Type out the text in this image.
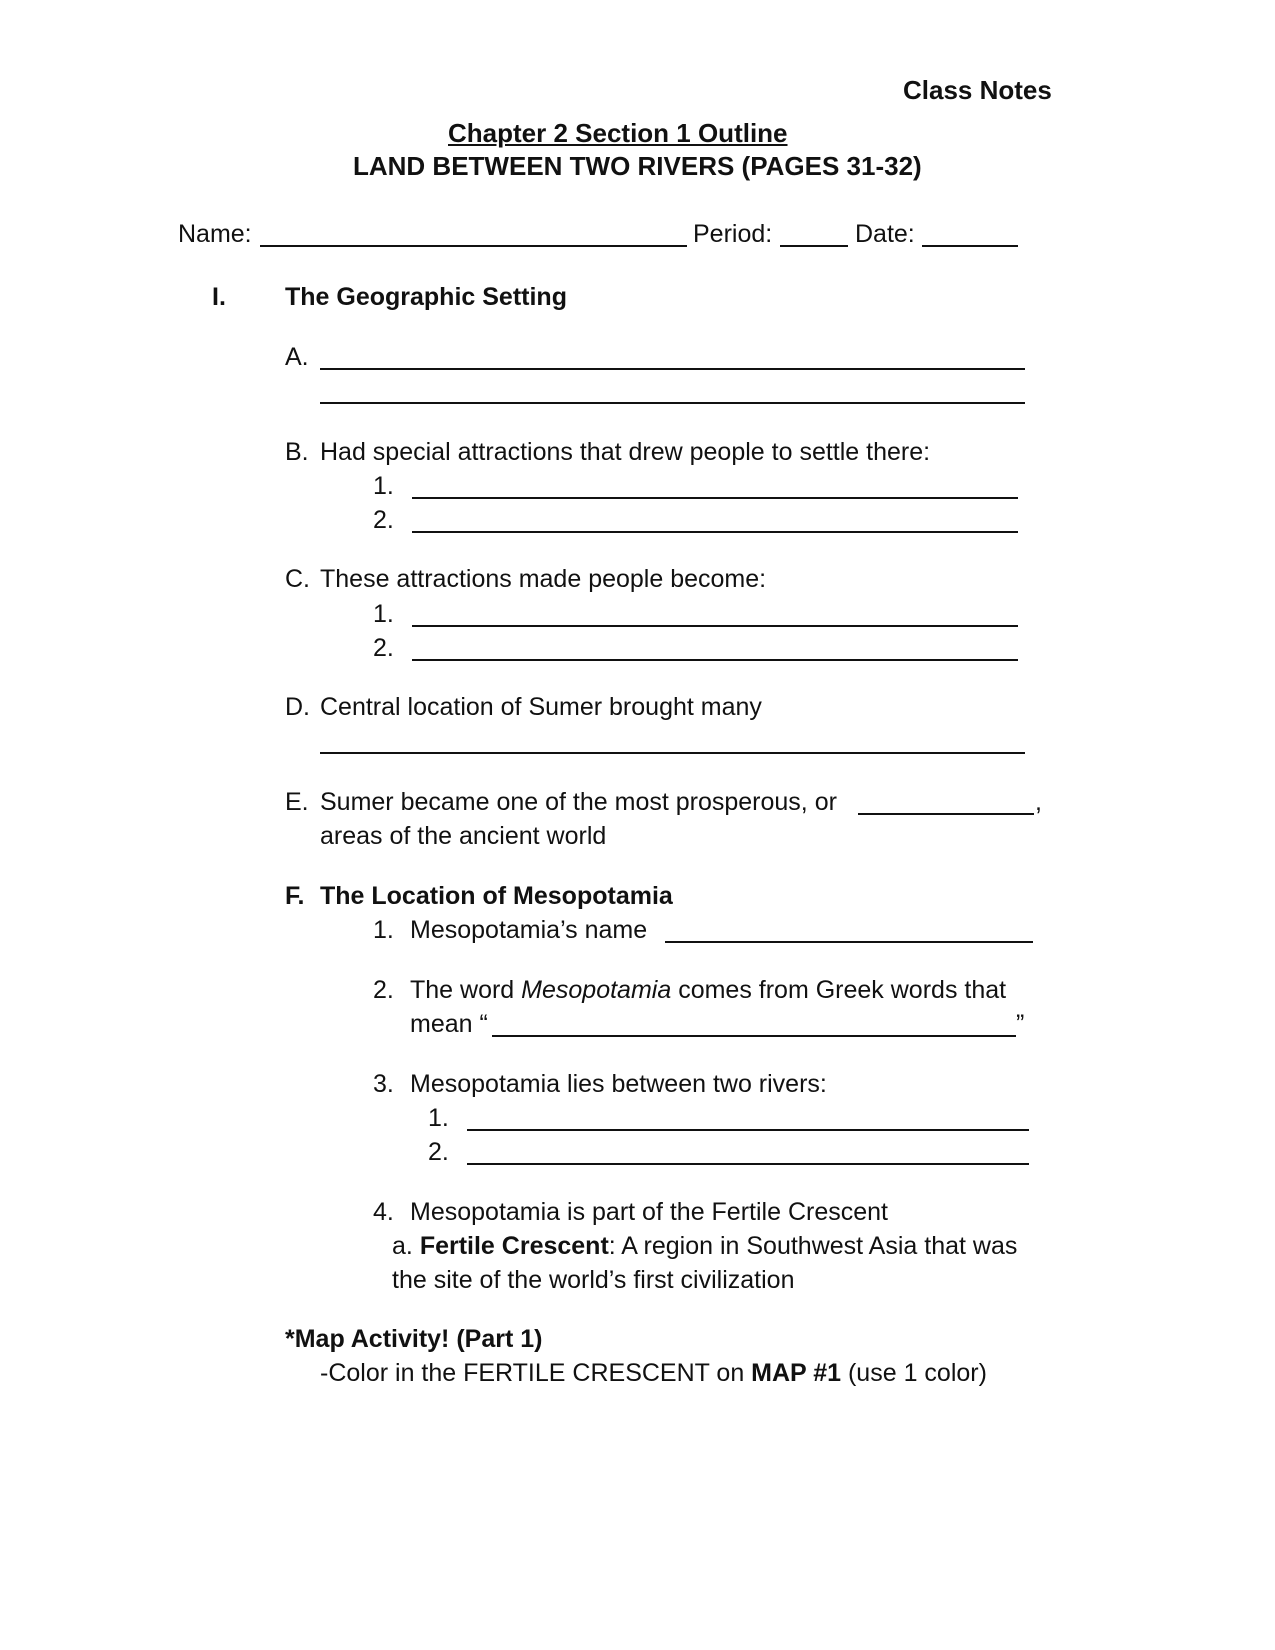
Class Notes
Chapter 2 Section 1 Outline
LAND BETWEEN TWO RIVERS (PAGES 31-32)
Name:	Period:	Date:
I. The Geographic Setting
A.
B. Had special attractions that drew people to settle there:
1.
2.
C. These attractions made people become:
1.
2.
D. Central location of Sumer brought many
E. Sumer became one of the most prosperous, or	,
areas of the ancient world
F. The Location of Mesopotamia
1. Mesopotamia’s name
2. The word Mesopotamia comes from Greek words that
mean “	”
3. Mesopotamia lies between two rivers:
1.
2.
4. Mesopotamia is part of the Fertile Crescent
a. Fertile Crescent: A region in Southwest Asia that was
the site of the world’s first civilization
*Map Activity! (Part 1)
-Color in the FERTILE CRESCENT on MAP #1 (use 1 color)
